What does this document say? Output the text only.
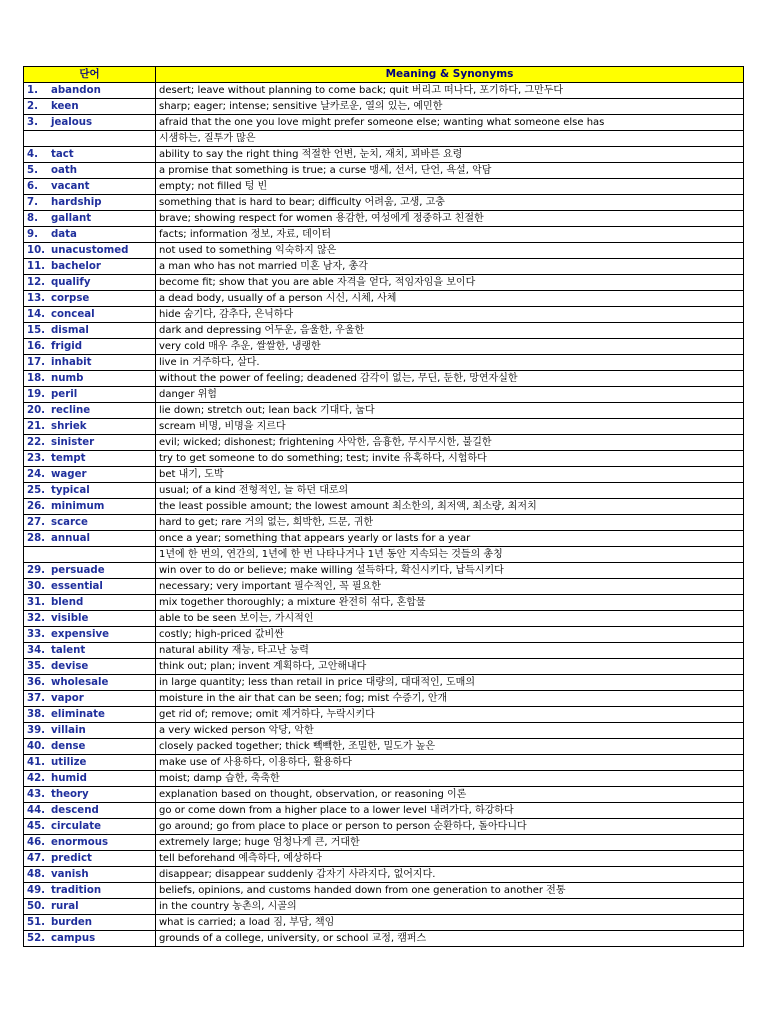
단어	Meaning & Synonyms
1. abandon	desert; leave without planning to come back; quit 버리고 떠나다, 포기하다, 그만두다
2. keen	sharp; eager; intense; sensitive 날카로운, 열의 있는, 예민한
3. jealous	afraid that the one you love might prefer someone else; wanting what someone else has
	시샘하는, 질투가 많은
4. tact	ability to say the right thing 적절한 언변, 눈치, 재치, 꾀바른 요령
5. oath	a promise that something is true; a curse 맹세, 선서, 단언, 욕설, 악담
6. vacant	empty; not filled 텅 빈
7. hardship	something that is hard to bear; difficulty 어려움, 고생, 고충
8. gallant	brave; showing respect for women 용감한, 여성에게 정중하고 친절한
9. data	facts; information 정보, 자료, 데이터
10. unacustomed	not used to something 익숙하지 않은
11. bachelor	a man who has not married 미혼 남자, 총각
12. qualify	become fit; show that you are able 자격을 얻다, 적임자임을 보이다
13. corpse	a dead body, usually of a person 시신, 시체, 사체
14. conceal	hide 숨기다, 감추다, 은닉하다
15. dismal	dark and depressing 어두운, 음울한, 우울한
16. frigid	very cold 매우 추운, 쌀쌀한, 냉랭한
17. inhabit	live in 거주하다, 살다.
18. numb	without the power of feeling; deadened 감각이 없는, 무딘, 둔한, 망연자실한
19. peril	danger 위험
20. recline	lie down; stretch out; lean back 기대다, 눕다
21. shriek	scream 비명, 비명을 지르다
22. sinister	evil; wicked; dishonest; frightening 사악한, 음흉한, 무시무시한, 불길한
23. tempt	try to get someone to do something; test; invite 유혹하다, 시험하다
24. wager	bet 내기, 도박
25. typical	usual; of a kind 전형적인, 늘 하던 대로의
26. minimum	the least possible amount; the lowest amount 최소한의, 최저액, 최소량, 최저치
27. scarce	hard to get; rare 거의 없는, 희박한, 드문, 귀한
28. annual	once a year; something that appears yearly or lasts for a year
	1년에 한 번의, 연간의, 1년에 한 번 나타나거나 1년 동안 지속되는 것들의 총칭
29. persuade	win over to do or believe; make willing 설득하다, 확신시키다, 납득시키다
30. essential	necessary; very important 필수적인, 꼭 필요한
31. blend	mix together thoroughly; a mixture 완전히 섞다, 혼합물
32. visible	able to be seen 보이는, 가시적인
33. expensive	costly; high-priced 값비싼
34. talent	natural ability 재능, 타고난 능력
35. devise	think out; plan; invent 계획하다, 고안해내다
36. wholesale	in large quantity; less than retail in price 대량의, 대대적인, 도매의
37. vapor	moisture in the air that can be seen; fog; mist 수증기, 안개
38. eliminate	get rid of; remove; omit 제거하다, 누락시키다
39. villain	a very wicked person 악당, 악한
40. dense	closely packed together; thick 빽빽한, 조밀한, 밀도가 높은
41. utilize	make use of 사용하다, 이용하다, 활용하다
42. humid	moist; damp 습한, 축축한
43. theory	explanation based on thought, observation, or reasoning 이론
44. descend	go or come down from a higher place to a lower level 내려가다, 하강하다
45. circulate	go around; go from place to place or person to person 순환하다, 돌아다니다
46. enormous	extremely large; huge 엄청나게 큰, 거대한
47. predict	tell beforehand 예측하다, 예상하다
48. vanish	disappear; disappear suddenly 갑자기 사라지다, 없어지다.
49. tradition	beliefs, opinions, and customs handed down from one generation to another 전통
50. rural	in the country 농촌의, 시골의
51. burden	what is carried; a load 짐, 부담, 책임
52. campus	grounds of a college, university, or school 교정, 캠퍼스
